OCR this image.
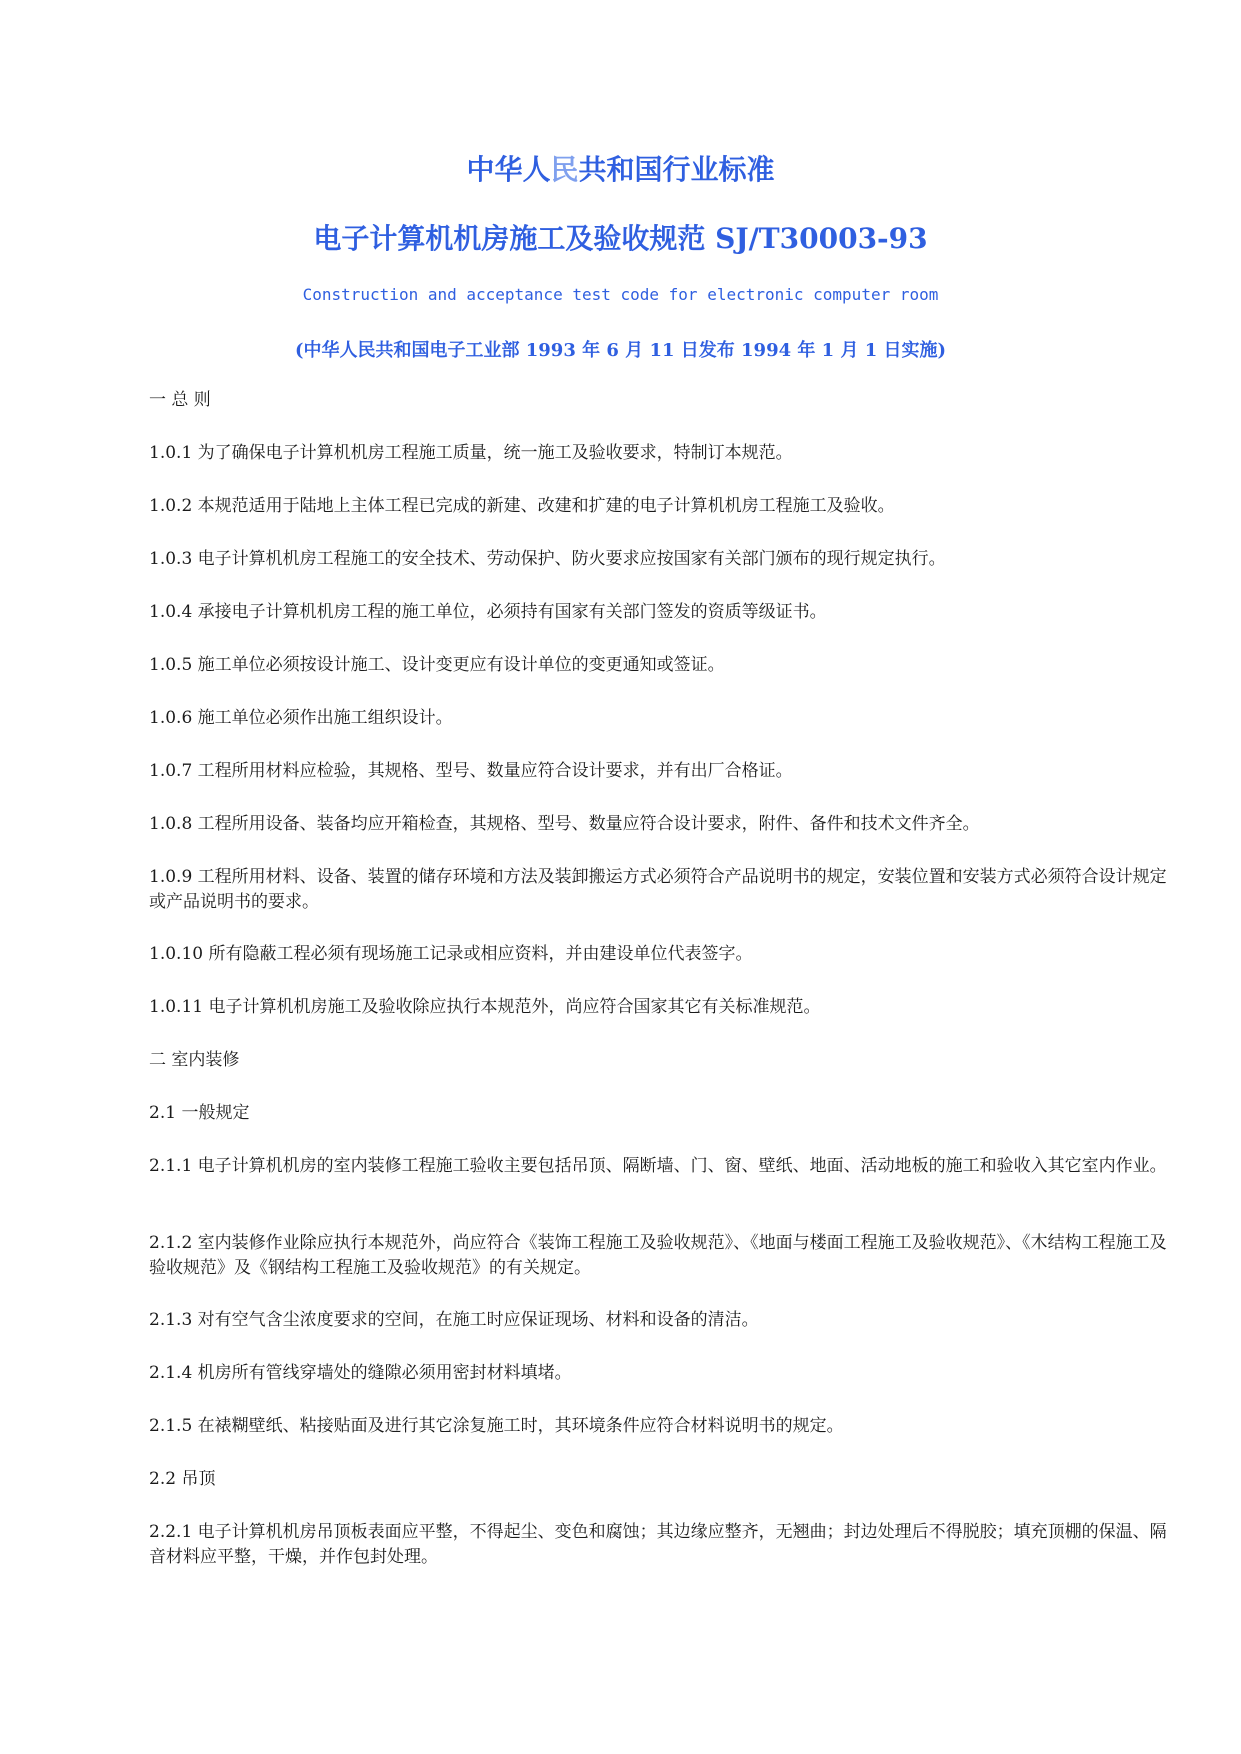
中华人民共和国行业标准
电子计算机机房施工及验收规范 SJ/T30003-93
Construction and acceptance test code for electronic computer room
(中华人民共和国电子工业部 1993 年 6 月 11 日发布 1994 年 1 月 1 日实施)

一 总 则

1.0.1 为了确保电子计算机机房工程施工质量，统一施工及验收要求，特制订本规范。

1.0.2 本规范适用于陆地上主体工程已完成的新建、改建和扩建的电子计算机机房工程施工及验收。

1.0.3 电子计算机机房工程施工的安全技术、劳动保护、防火要求应按国家有关部门颁布的现行规定执行。

1.0.4 承接电子计算机机房工程的施工单位，必须持有国家有关部门签发的资质等级证书。

1.0.5 施工单位必须按设计施工、设计变更应有设计单位的变更通知或签证。

1.0.6 施工单位必须作出施工组织设计。

1.0.7 工程所用材料应检验，其规格、型号、数量应符合设计要求，并有出厂合格证。

1.0.8 工程所用设备、装备均应开箱检查，其规格、型号、数量应符合设计要求，附件、备件和技术文件齐全。

1.0.9 工程所用材料、设备、装置的储存环境和方法及装卸搬运方式必须符合产品说明书的规定，安装位置和安装方式必须符合设计规定或产品说明书的要求。

1.0.10 所有隐蔽工程必须有现场施工记录或相应资料，并由建设单位代表签字。

1.0.11 电子计算机机房施工及验收除应执行本规范外，尚应符合国家其它有关标准规范。

二 室内装修

2.1 一般规定

2.1.1 电子计算机机房的室内装修工程施工验收主要包括吊顶、隔断墙、门、窗、壁纸、地面、活动地板的施工和验收入其它室内作业。

2.1.2 室内装修作业除应执行本规范外，尚应符合《装饰工程施工及验收规范》、《地面与楼面工程施工及验收规范》、《木结构工程施工及验收规范》及《钢结构工程施工及验收规范》的有关规定。

2.1.3 对有空气含尘浓度要求的空间，在施工时应保证现场、材料和设备的清洁。

2.1.4 机房所有管线穿墙处的缝隙必须用密封材料填堵。

2.1.5 在裱糊壁纸、粘接贴面及进行其它涂复施工时，其环境条件应符合材料说明书的规定。

2.2 吊顶

2.2.1 电子计算机机房吊顶板表面应平整，不得起尘、变色和腐蚀；其边缘应整齐，无翘曲；封边处理后不得脱胶；填充顶棚的保温、隔音材料应平整，干燥，并作包封处理。
